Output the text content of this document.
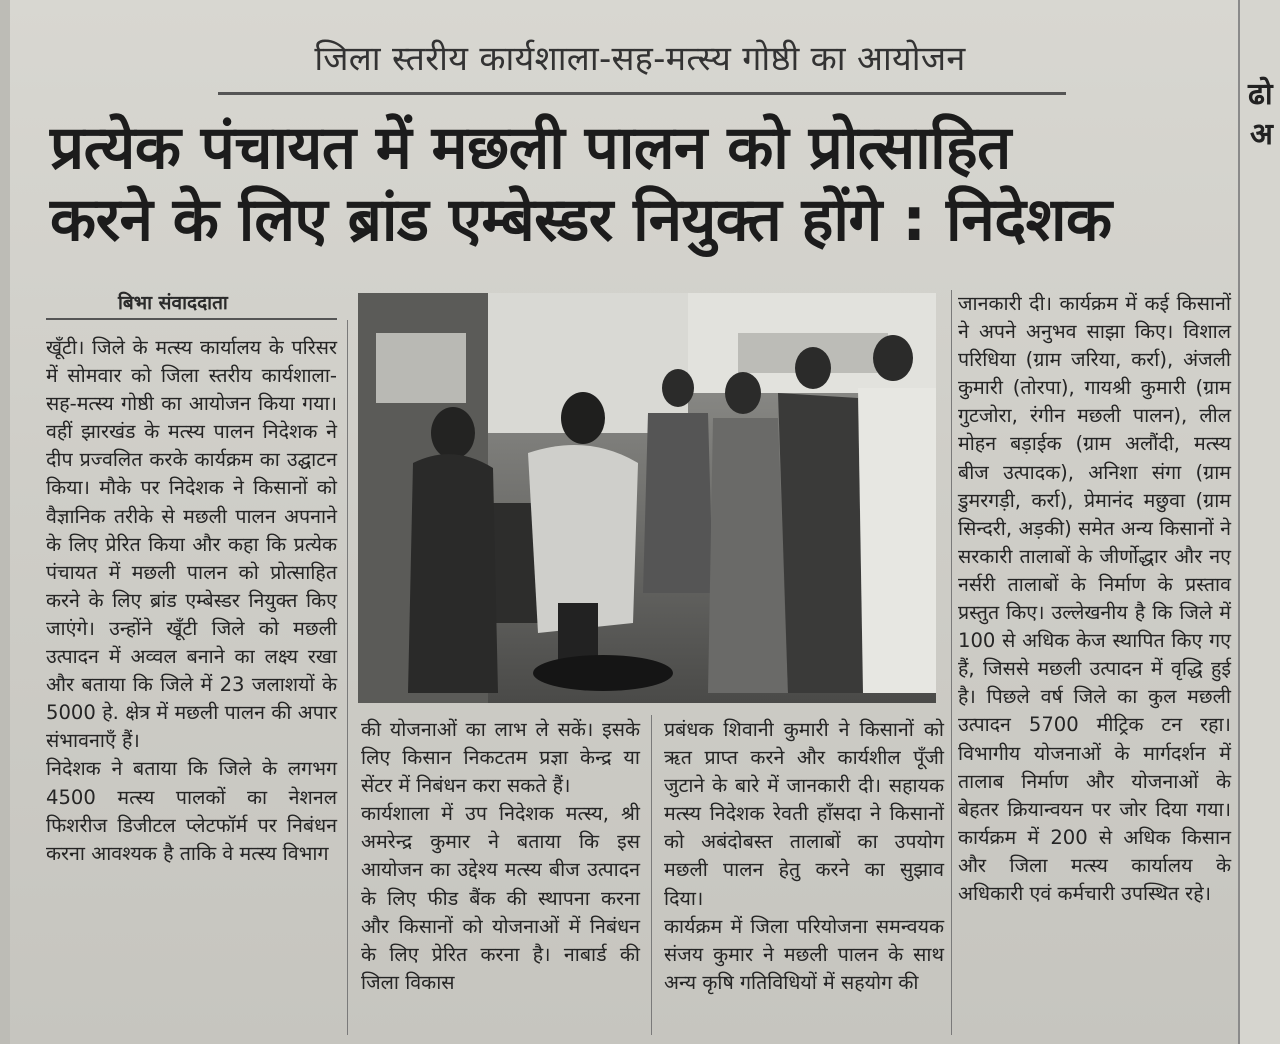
जिला स्तरीय कार्यशाला-सह-मत्स्य गोष्ठी का आयोजन
प्रत्येक पंचायत में मछली पालन को प्रोत्साहित
करने के लिए ब्रांड एम्बेस्डर नियुक्त होंगे : निदेशक
बिभा संवाददाता

खूँटी। जिले के मत्स्य कार्यालय के परिसर में सोमवार को जिला स्तरीय कार्यशाला-सह-मत्स्य गोष्ठी का आयोजन किया गया। वहीं झारखंड के मत्स्य पालन निदेशक ने दीप प्रज्वलित करके कार्यक्रम का उद्घाटन किया। मौके पर निदेशक ने किसानों को वैज्ञानिक तरीके से मछली पालन अपनाने के लिए प्रेरित किया और कहा कि प्रत्येक पंचायत में मछली पालन को प्रोत्साहित करने के लिए ब्रांड एम्बेस्डर नियुक्त किए जाएंगे। उन्होंने खूँटी जिले को मछली उत्पादन में अव्वल बनाने का लक्ष्य रखा और बताया कि जिले में 23 जलाशयों के 5000 हे. क्षेत्र में मछली पालन की अपार संभावनाएँ हैं।

निदेशक ने बताया कि जिले के लगभग 4500 मत्स्य पालकों का नेशनल फिशरीज डिजीटल प्लेटफॉर्म पर निबंधन करना आवश्यक है ताकि वे मत्स्य विभाग

की योजनाओं का लाभ ले सकें। इसके लिए किसान निकटतम प्रज्ञा केन्द्र या सेंटर में निबंधन करा सकते हैं।

कार्यशाला में उप निदेशक मत्स्य, श्री अमरेन्द्र कुमार ने बताया कि इस आयोजन का उद्देश्य मत्स्य बीज उत्पादन के लिए फीड बैंक की स्थापना करना और किसानों को योजनाओं में निबंधन के लिए प्रेरित करना है। नाबार्ड की जिला विकास

प्रबंधक शिवानी कुमारी ने किसानों को ऋत प्राप्त करने और कार्यशील पूँजी जुटाने के बारे में जानकारी दी। सहायक मत्स्य निदेशक रेवती हाँसदा ने किसानों को अबंदोबस्त तालाबों का उपयोग मछली पालन हेतु करने का सुझाव दिया।

कार्यक्रम में जिला परियोजना समन्वयक संजय कुमार ने मछली पालन के साथ अन्य कृषि गतिविधियों में सहयोग की

जानकारी दी। कार्यक्रम में कई किसानों ने अपने अनुभव साझा किए। विशाल परिधिया (ग्राम जरिया, कर्रा), अंजली कुमारी (तोरपा), गायश्री कुमारी (ग्राम गुटजोरा, रंगीन मछली पालन), लील मोहन बड़ाईक (ग्राम अलौंदी, मत्स्य बीज उत्पादक), अनिशा संगा (ग्राम डुमरगड़ी, कर्रा), प्रेमानंद मछुवा (ग्राम सिन्दरी, अड़की) समेत अन्य किसानों ने सरकारी तालाबों के जीर्णोद्धार और नए नर्सरी तालाबों के निर्माण के प्रस्ताव प्रस्तुत किए। उल्लेखनीय है कि जिले में 100 से अधिक केज स्थापित किए गए हैं, जिससे मछली उत्पादन में वृद्धि हुई है। पिछले वर्ष जिले का कुल मछली उत्पादन 5700 मीट्रिक टन रहा। विभागीय योजनाओं के मार्गदर्शन में तालाब निर्माण और योजनाओं के बेहतर क्रियान्वयन पर जोर दिया गया। कार्यक्रम में 200 से अधिक किसान और जिला मत्स्य कार्यालय के अधिकारी एवं कर्मचारी उपस्थित रहे।

ढो
अ
